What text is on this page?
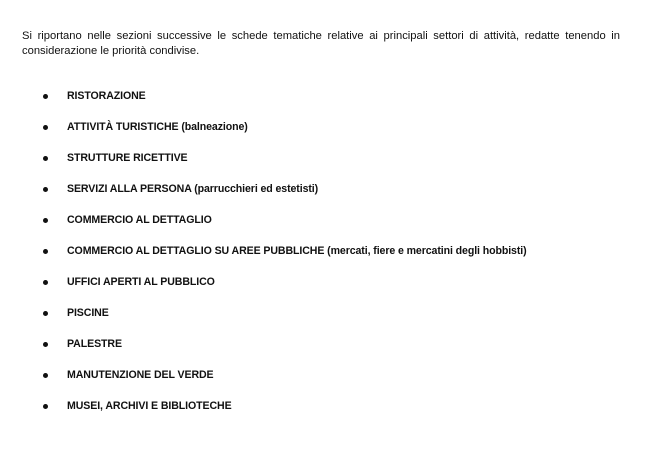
Si riportano nelle sezioni successive le schede tematiche relative ai principali settori di attività, redatte tenendo in considerazione le priorità condivise.

RISTORAZIONE
ATTIVITÀ TURISTICHE (balneazione)
STRUTTURE RICETTIVE
SERVIZI ALLA PERSONA (parrucchieri ed estetisti)
COMMERCIO AL DETTAGLIO
COMMERCIO AL DETTAGLIO SU AREE PUBBLICHE (mercati, fiere e mercatini degli hobbisti)
UFFICI APERTI AL PUBBLICO
PISCINE
PALESTRE
MANUTENZIONE DEL VERDE
MUSEI, ARCHIVI E BIBLIOTECHE
